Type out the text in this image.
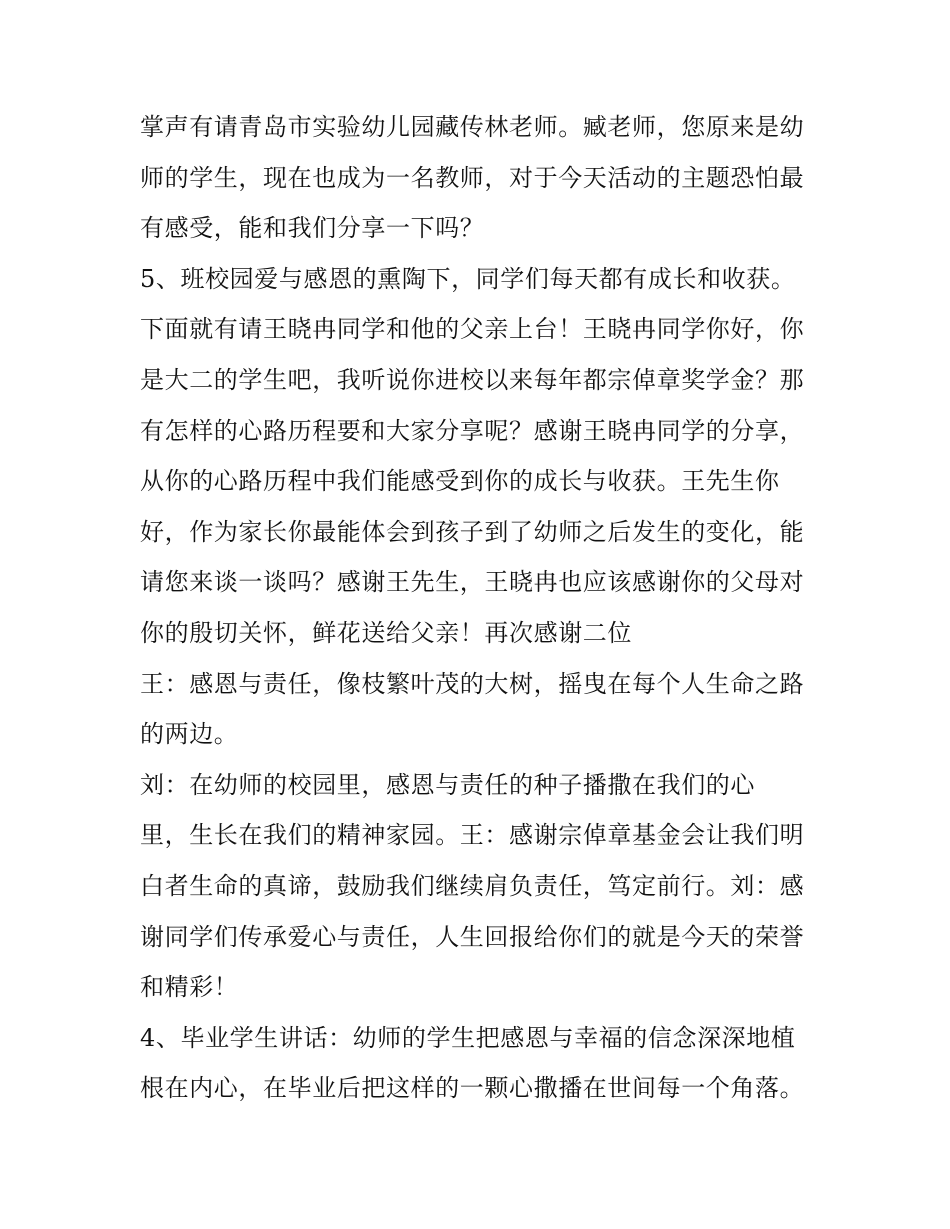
掌声有请青岛市实验幼儿园藏传林老师。臧老师，您原来是幼
师的学生，现在也成为一名教师，对于今天活动的主题恐怕最
有感受，能和我们分享一下吗？
5、班校园爱与感恩的熏陶下，同学们每天都有成长和收获。
下面就有请王晓冉同学和他的父亲上台！王晓冉同学你好，你
是大二的学生吧，我听说你进校以来每年都宗倬章奖学金？那
有怎样的心路历程要和大家分享呢？感谢王晓冉同学的分享，
从你的心路历程中我们能感受到你的成长与收获。王先生你
好，作为家长你最能体会到孩子到了幼师之后发生的变化，能
请您来谈一谈吗？感谢王先生，王晓冉也应该感谢你的父母对
你的殷切关怀，鲜花送给父亲！再次感谢二位
王：感恩与责任，像枝繁叶茂的大树，摇曳在每个人生命之路
的两边。
刘：在幼师的校园里，感恩与责任的种子播撒在我们的心
里，生长在我们的精神家园。王：感谢宗倬章基金会让我们明
白者生命的真谛，鼓励我们继续肩负责任，笃定前行。刘：感
谢同学们传承爱心与责任，人生回报给你们的就是今天的荣誉
和精彩！
4、毕业学生讲话：幼师的学生把感恩与幸福的信念深深地植
根在内心，在毕业后把这样的一颗心撒播在世间每一个角落。
